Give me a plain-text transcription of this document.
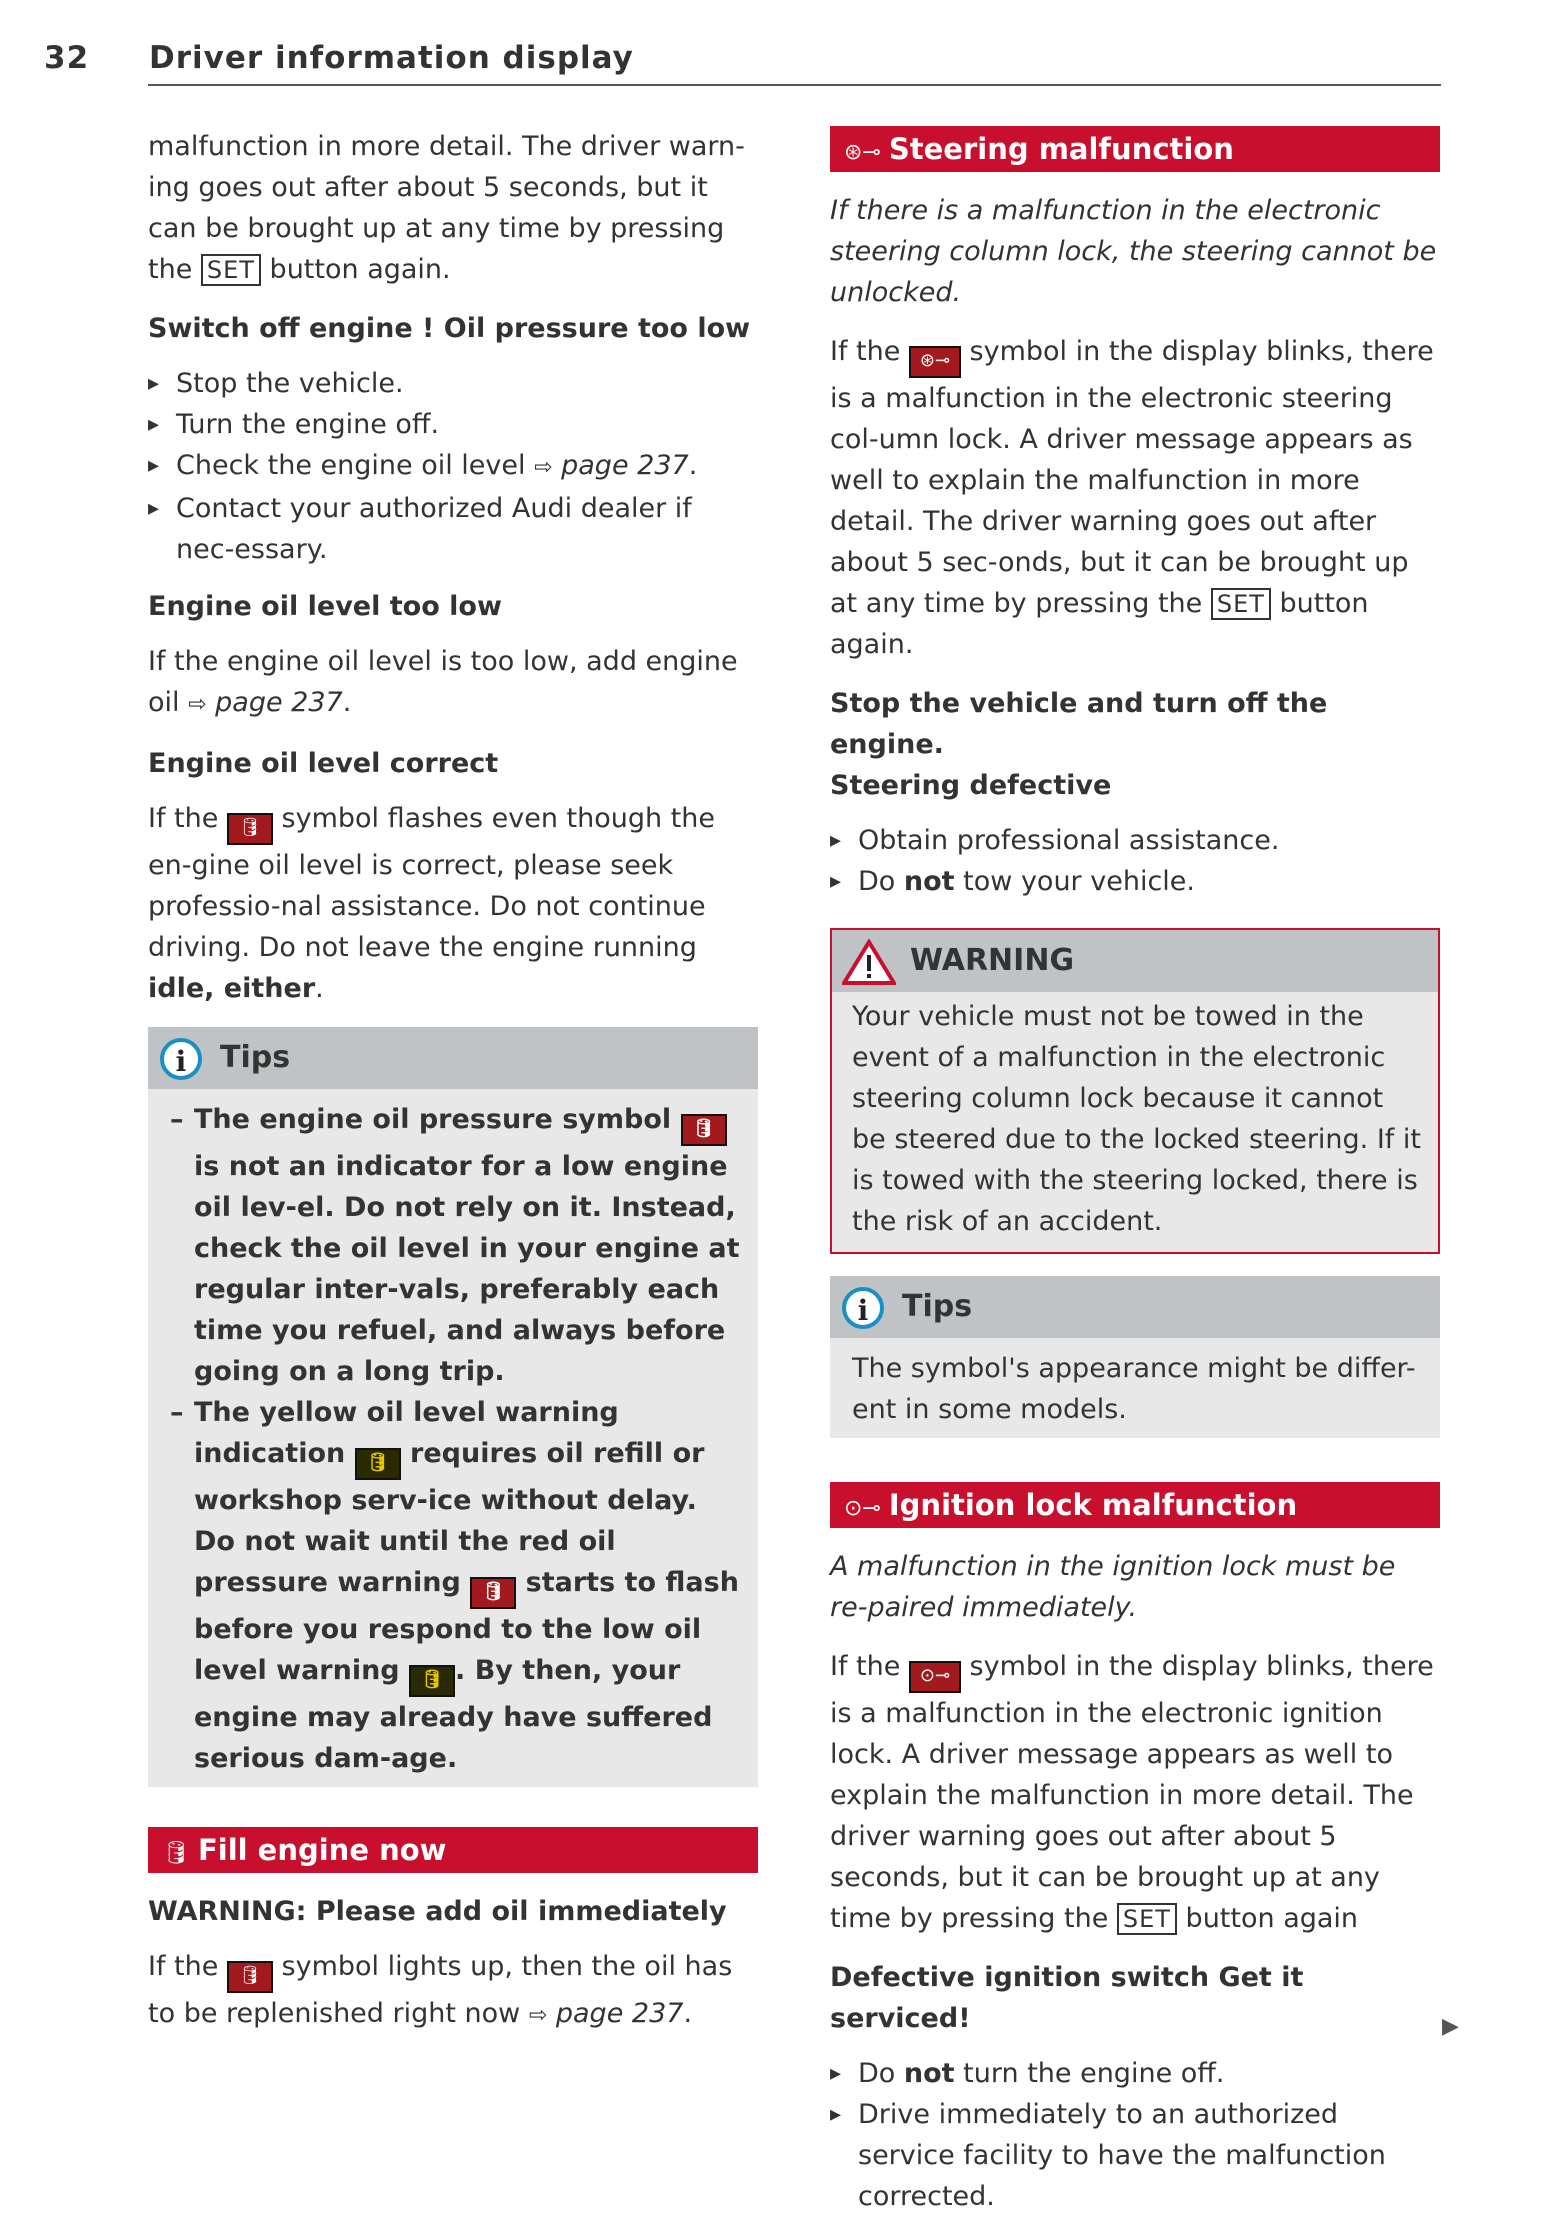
32 Driver information display

malfunction in more detail. The driver warn-ing goes out after about 5 seconds, but it can be brought up at any time by pressing the SET button again.

Switch off engine ! Oil pressure too low
▸ Stop the vehicle.
▸ Turn the engine off.
▸ Check the engine oil level ⇨ page 237.
▸ Contact your authorized Audi dealer if nec-essary.
Engine oil level too low

If the engine oil level is too low, add engine oil ⇨ page 237.

Engine oil level correct

If the 🛢 symbol flashes even though the en-gine oil level is correct, please seek professio-nal assistance. Do not continue driving. Do not leave the engine running idle, either.

i Tips
– The engine oil pressure symbol 🛢 is not an indicator for a low engine oil lev-el. Do not rely on it. Instead, check the oil level in your engine at regular inter-vals, preferably each time you refuel, and always before going on a long trip.
– The yellow oil level warning indication 🛢 requires oil refill or workshop serv-ice without delay. Do not wait until the red oil pressure warning 🛢 starts to flash before you respond to the low oil level warning 🛢 . By then, your engine may already have suffered serious dam-age.
🛢 Fill engine now
WARNING: Please add oil immediately

If the 🛢 symbol lights up, then the oil has to be replenished right now ⇨ page 237.

⊛⊸ Steering malfunction

If there is a malfunction in the electronic steering column lock, the steering cannot be unlocked.

If the ⊛⊸ symbol in the display blinks, there is a malfunction in the electronic steering col-umn lock. A driver message appears as well to explain the malfunction in more detail. The driver warning goes out after about 5 sec-onds, but it can be brought up at any time by pressing the SET button again.

Stop the vehicle and turn off the engine.
Steering defective
▸ Obtain professional assistance.
▸ Do not tow your vehicle.
WARNING
Your vehicle must not be towed in the event of a malfunction in the electronic steering column lock because it cannot be steered due to the locked steering. If it is towed with the steering locked, there is the risk of an accident.
i Tips
The symbol's appearance might be differ-ent in some models.
⊙⊸ Ignition lock malfunction

A malfunction in the ignition lock must be re-paired immediately.

If the ⊙⊸ symbol in the display blinks, there is a malfunction in the electronic ignition lock. A driver message appears as well to explain the malfunction in more detail. The driver warning goes out after about 5 seconds, but it can be brought up at any time by pressing the SET button again

Defective ignition switch Get it serviced!
▸ Do not turn the engine off.
▸ Drive immediately to an authorized service facility to have the malfunction corrected.
▶
